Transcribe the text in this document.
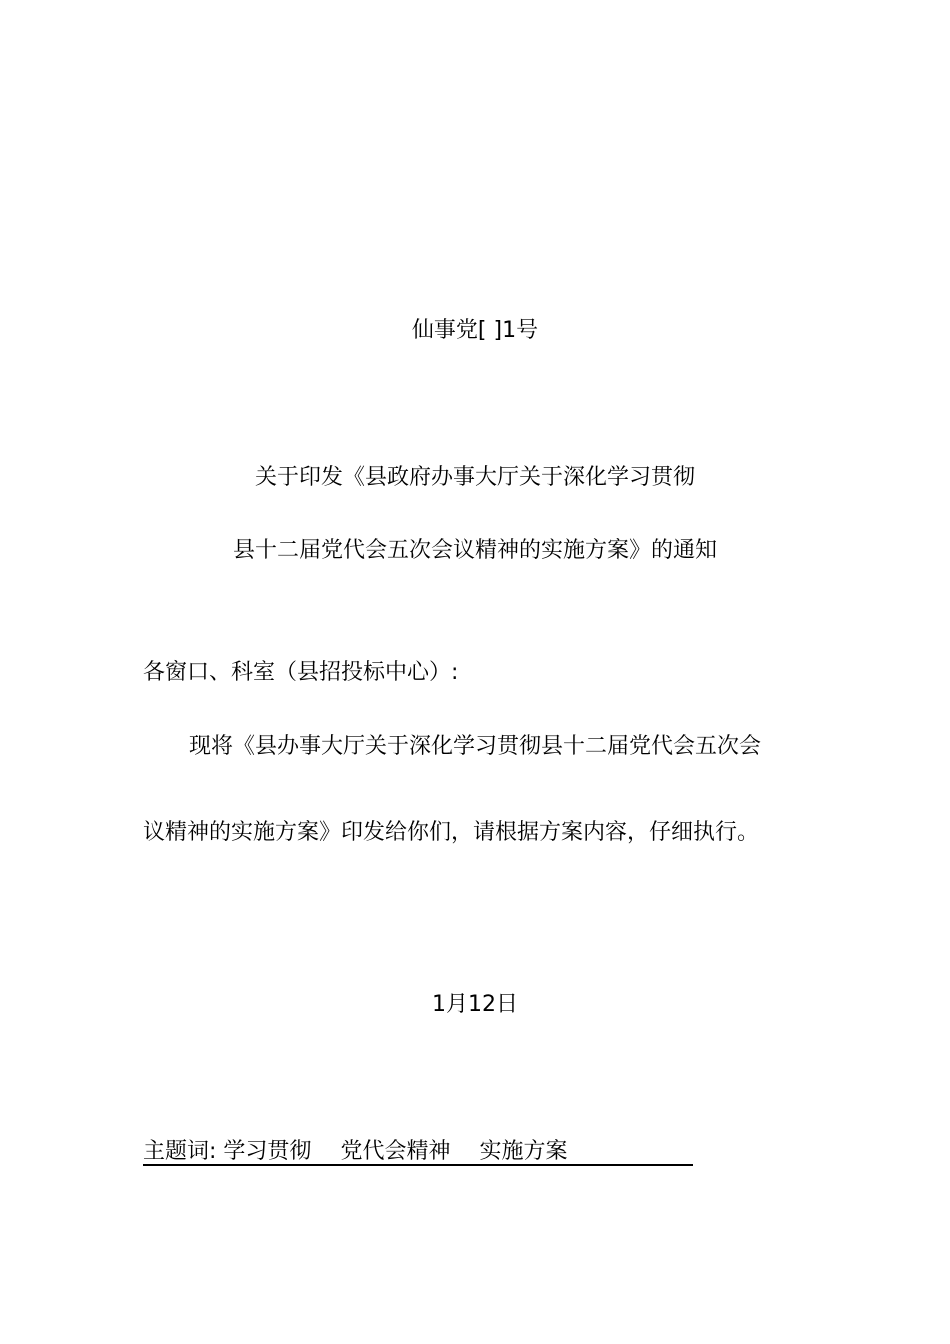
仙事党[ ]1号
关于印发《县政府办事大厅关于深化学习贯彻
县十二届党代会五次会议精神的实施方案》的通知
各窗口、科室（县招投标中心）:
现将《县办事大厅关于深化学习贯彻县十二届党代会五次会
议精神的实施方案》印发给你们，请根据方案内容，仔细执行。
1月12日
主题词: 学习贯彻 党代会精神 实施方案
